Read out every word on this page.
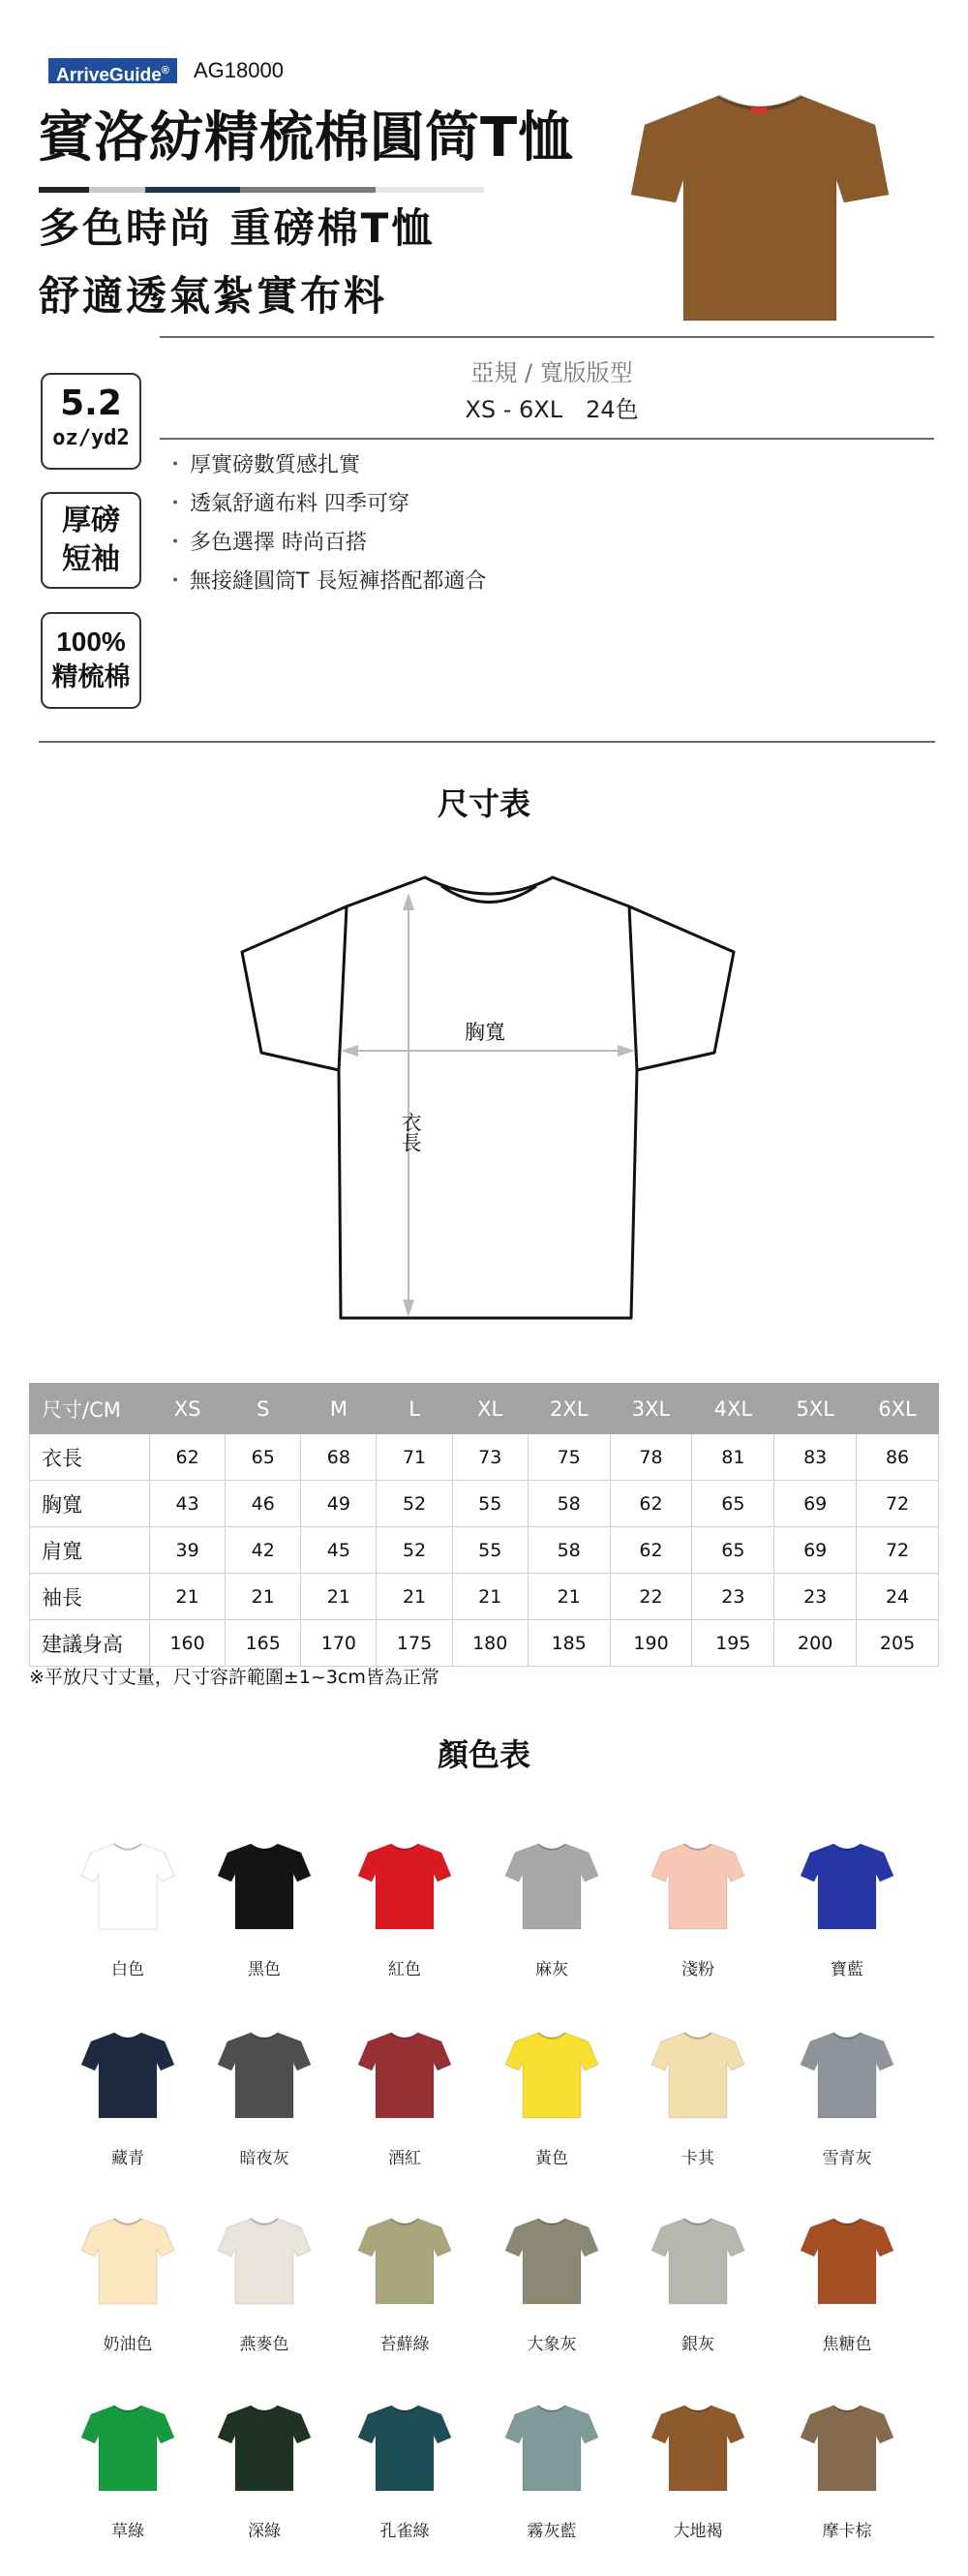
ArriveGuide®	AG18000
賓洛紡精梳棉圓筒T恤
多色時尚 重磅棉T恤
舒適透氣紮實布料
5.2
oz/yd2
厚磅
短袖
100%
精梳棉
亞規 / 寬版版型
XS - 6XL　24色
・ 厚實磅數質感扎實
・ 透氣舒適布料 四季可穿
・ 多色選擇 時尚百搭
・ 無接縫圓筒T 長短褲搭配都適合
尺寸表
胸寬
衣長
尺寸/CM	XS	S	M	L	XL	2XL	3XL	4XL	5XL	6XL
衣長	62	65	68	71	73	75	78	81	83	86
胸寬	43	46	49	52	55	58	62	65	69	72
肩寬	39	42	45	52	55	58	62	65	69	72
袖長	21	21	21	21	21	21	22	23	23	24
建議身高	160	165	170	175	180	185	190	195	200	205
※平放尺寸丈量，尺寸容許範圍±1~3cm皆為正常
顏色表
白色	黑色	紅色	麻灰	淺粉	寶藍
藏青	暗夜灰	酒紅	黃色	卡其	雪青灰
奶油色	燕麥色	苔蘚綠	大象灰	銀灰	焦糖色
草綠	深綠	孔雀綠	霧灰藍	大地褐	摩卡棕
